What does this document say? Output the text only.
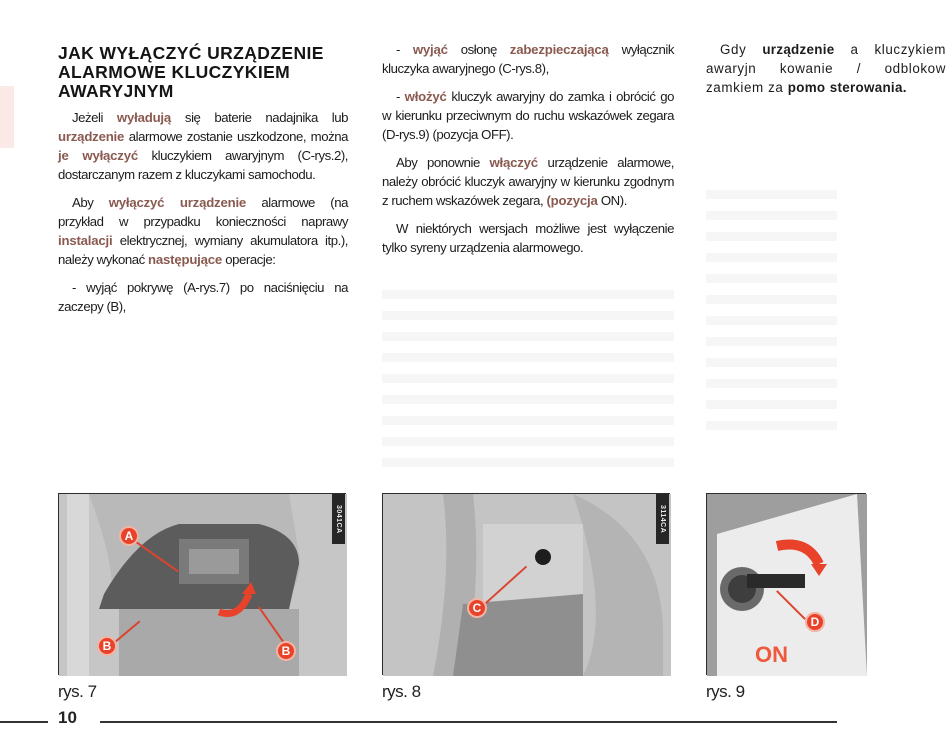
JAK WYŁĄCZYĆ URZĄDZENIE ALARMOWE KLUCZYKIEM AWARYJNYM

Jeżeli wyładują się baterie nadajnika lub urządzenie alarmowe zostanie uszkodzone, można je wyłączyć kluczykiem awaryjnym (C-rys.2), dostarczanym razem z kluczykami samochodu.

Aby wyłączyć urządzenie alarmowe (na przykład w przypadku konieczności naprawy instalacji elektrycznej, wymiany akumulatora itp.), należy wykonać następujące operacje:

- wyjąć pokrywę (A-rys.7) po naciśnięciu na zaczepy (B),

- wyjąć osłonę zabezpieczającą wyłącznik kluczyka awaryjnego (C-rys.8),

- włożyć kluczyk awaryjny do zamka i obrócić go w kierunku przeciwnym do ruchu wskazówek zegara (D-rys.9) (pozycja OFF).

Aby ponownie włączyć urządzenie alarmowe, należy obrócić kluczyk awaryjny w kierunku zgodnym z ruchem wskazówek zegara, (pozycja ON).

W niektórych wersjach możliwe jest wyłączenie tylko syreny urządzenia alarmowego.

Gdy urządzenie a kluczykiem awaryjn kowanie / odblokow zamkiem za pomo sterowania.

A
B	B
3041CA
C
3114CA
D
ON
rys. 7	rys. 8	rys. 9
10
